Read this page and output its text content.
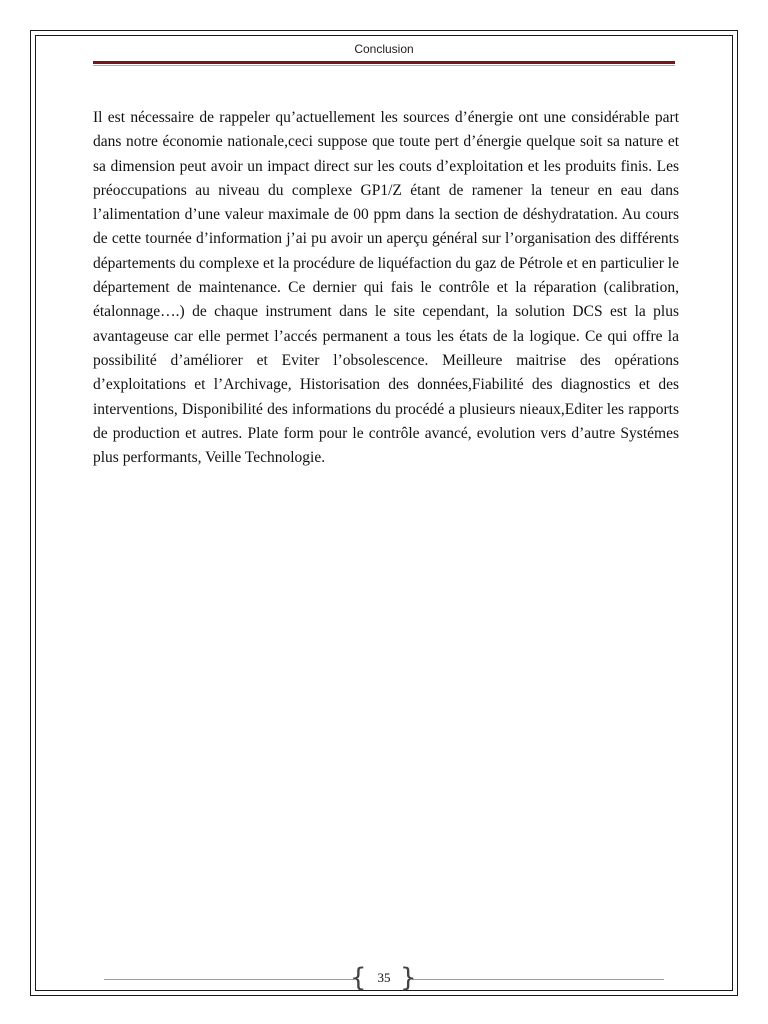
Conclusion

Il est nécessaire de rappeler qu’actuellement les sources d’énergie ont une considérable part dans notre économie nationale,ceci suppose que toute pert d’énergie quelque soit sa nature et sa dimension peut avoir un impact direct sur les couts d’exploitation et les produits finis. Les préoccupations au niveau du complexe GP1/Z étant de ramener la teneur en eau dans l’alimentation d’une valeur maximale de 00 ppm dans la section de déshydratation. Au cours de cette tournée d’information j’ai pu avoir un aperçu général sur l’organisation des différents départements du complexe et la procédure de liquéfaction du gaz de Pétrole et en particulier le département de maintenance. Ce dernier qui fais le contrôle et la réparation (calibration, étalonnage….) de chaque instrument dans le site cependant, la solution DCS est la plus avantageuse car elle permet l’accés permanent a tous les états de la logique. Ce qui offre la possibilité d’améliorer et Eviter l’obsolescence. Meilleure maitrise des opérations d’exploitations et l’Archivage, Historisation des données,Fiabilité des diagnostics et des interventions, Disponibilité des informations du procédé a plusieurs nieaux,Editer les rapports de production et autres. Plate form pour le contrôle avancé, evolution vers d’autre Systémes plus performants, Veille Technologie.

{ }
35
